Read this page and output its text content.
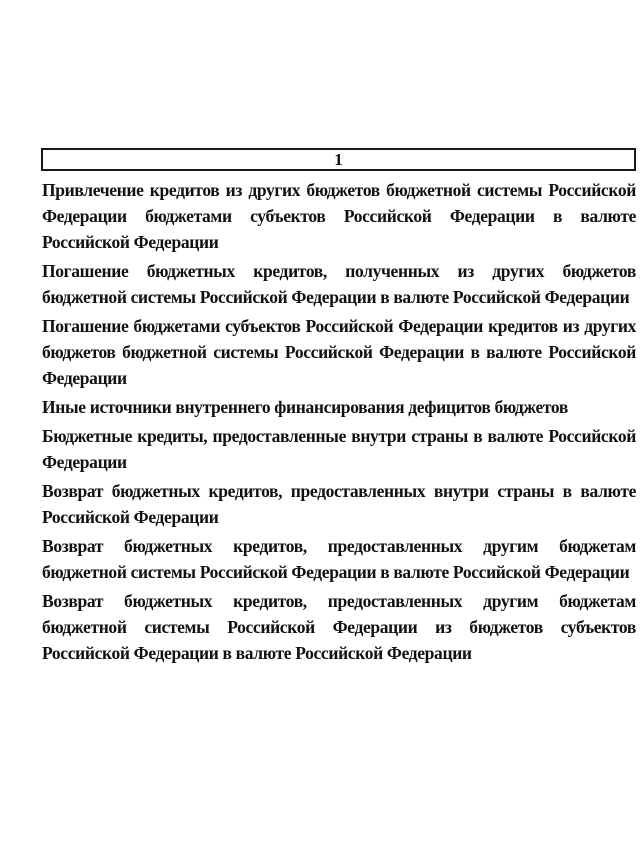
1

Привлечение кредитов из других бюджетов бюджетной системы Российской Федерации бюджетами субъектов Российской Федерации в валюте Российской Федерации

Погашение бюджетных кредитов, полученных из других бюджетов бюджетной системы Российской Федерации в валюте Российской Федерации

Погашение бюджетами субъектов Российской Федерации кредитов из других бюджетов бюджетной системы Российской Федерации в валюте Российской Федерации

Иные источники внутреннего финансирования дефицитов бюджетов

Бюджетные кредиты, предоставленные внутри страны в валюте Российской Федерации

Возврат бюджетных кредитов, предоставленных внутри страны в валюте Российской Федерации

Возврат бюджетных кредитов, предоставленных другим бюджетам бюджетной системы Российской Федерации в валюте Российской Федерации

Возврат бюджетных кредитов, предоставленных другим бюджетам бюджетной системы Российской Федерации из бюджетов субъектов Российской Федерации в валюте Российской Федерации
